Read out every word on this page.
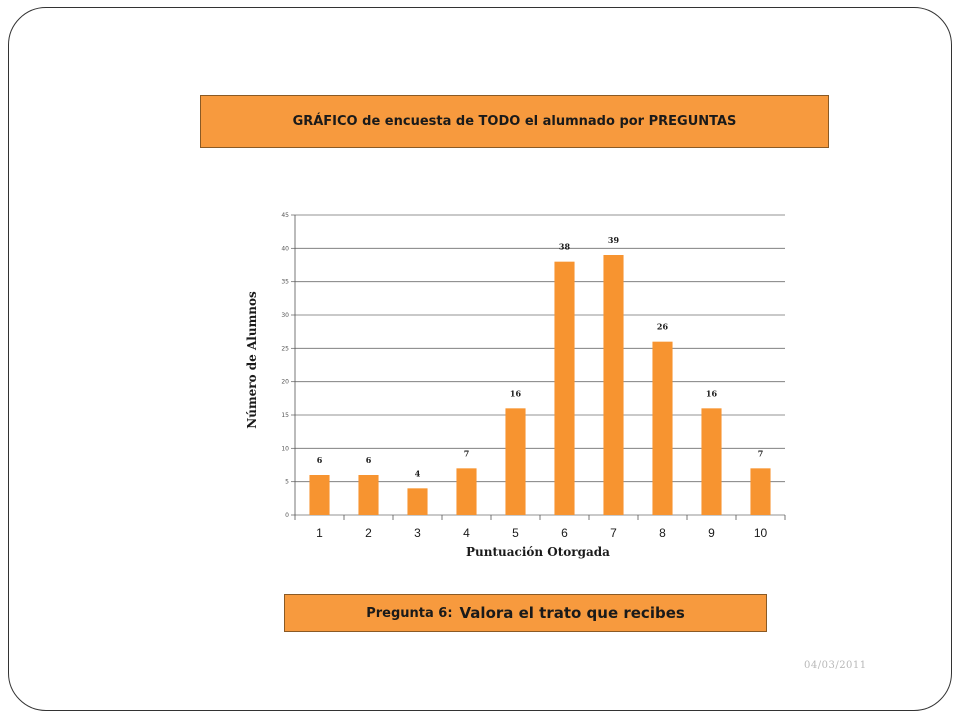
GRÁFICO de encuesta de TODO el alumnado por PREGUNTAS
6	6
4
7
16
38
39
26
16
7
0
5
10
15
20
25
30
35
40
45
1	2	3	4	5	6	7	8	9	10
Número de Alumnos
Puntuación Otorgada
Pregunta 6: Valora el trato que recibes
04/03/2011
